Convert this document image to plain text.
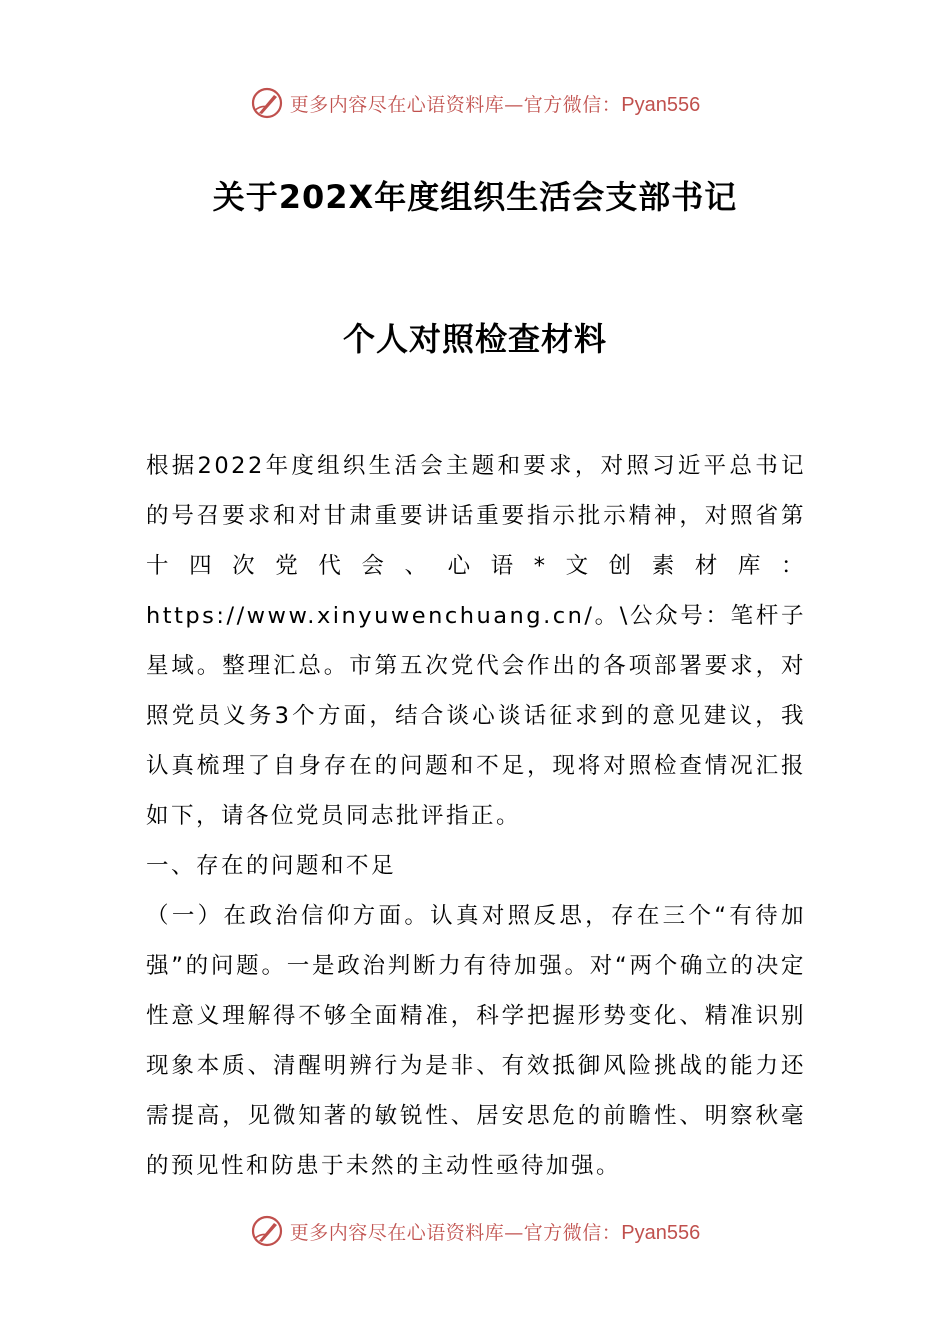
更多内容尽在心语资料库—官方微信：Pyan556
关于202X年度组织生活会支部书记
个人对照检查材料

根据2022年度组织生活会主题和要求，对照习近平总书记的号召要求和对甘肃重要讲话重要指示批示精神，对照省第十四次党代会、心语*文创素材库：https://www.xinyuwenchuang.cn/。\公众号：笔杆子星域。整理汇总。市第五次党代会作出的各项部署要求，对照党员义务3个方面，结合谈心谈话征求到的意见建议，我认真梳理了自身存在的问题和不足，现将对照检查情况汇报如下，请各位党员同志批评指正。

一、存在的问题和不足

（一）在政治信仰方面。认真对照反思，存在三个“有待加强”的问题。一是政治判断力有待加强。对“两个确立的决定性意义理解得不够全面精准，科学把握形势变化、精准识别现象本质、清醒明辨行为是非、有效抵御风险挑战的能力还需提高，见微知著的敏锐性、居安思危的前瞻性、明察秋毫的预见性和防患于未然的主动性亟待加强。

更多内容尽在心语资料库—官方微信：Pyan556
